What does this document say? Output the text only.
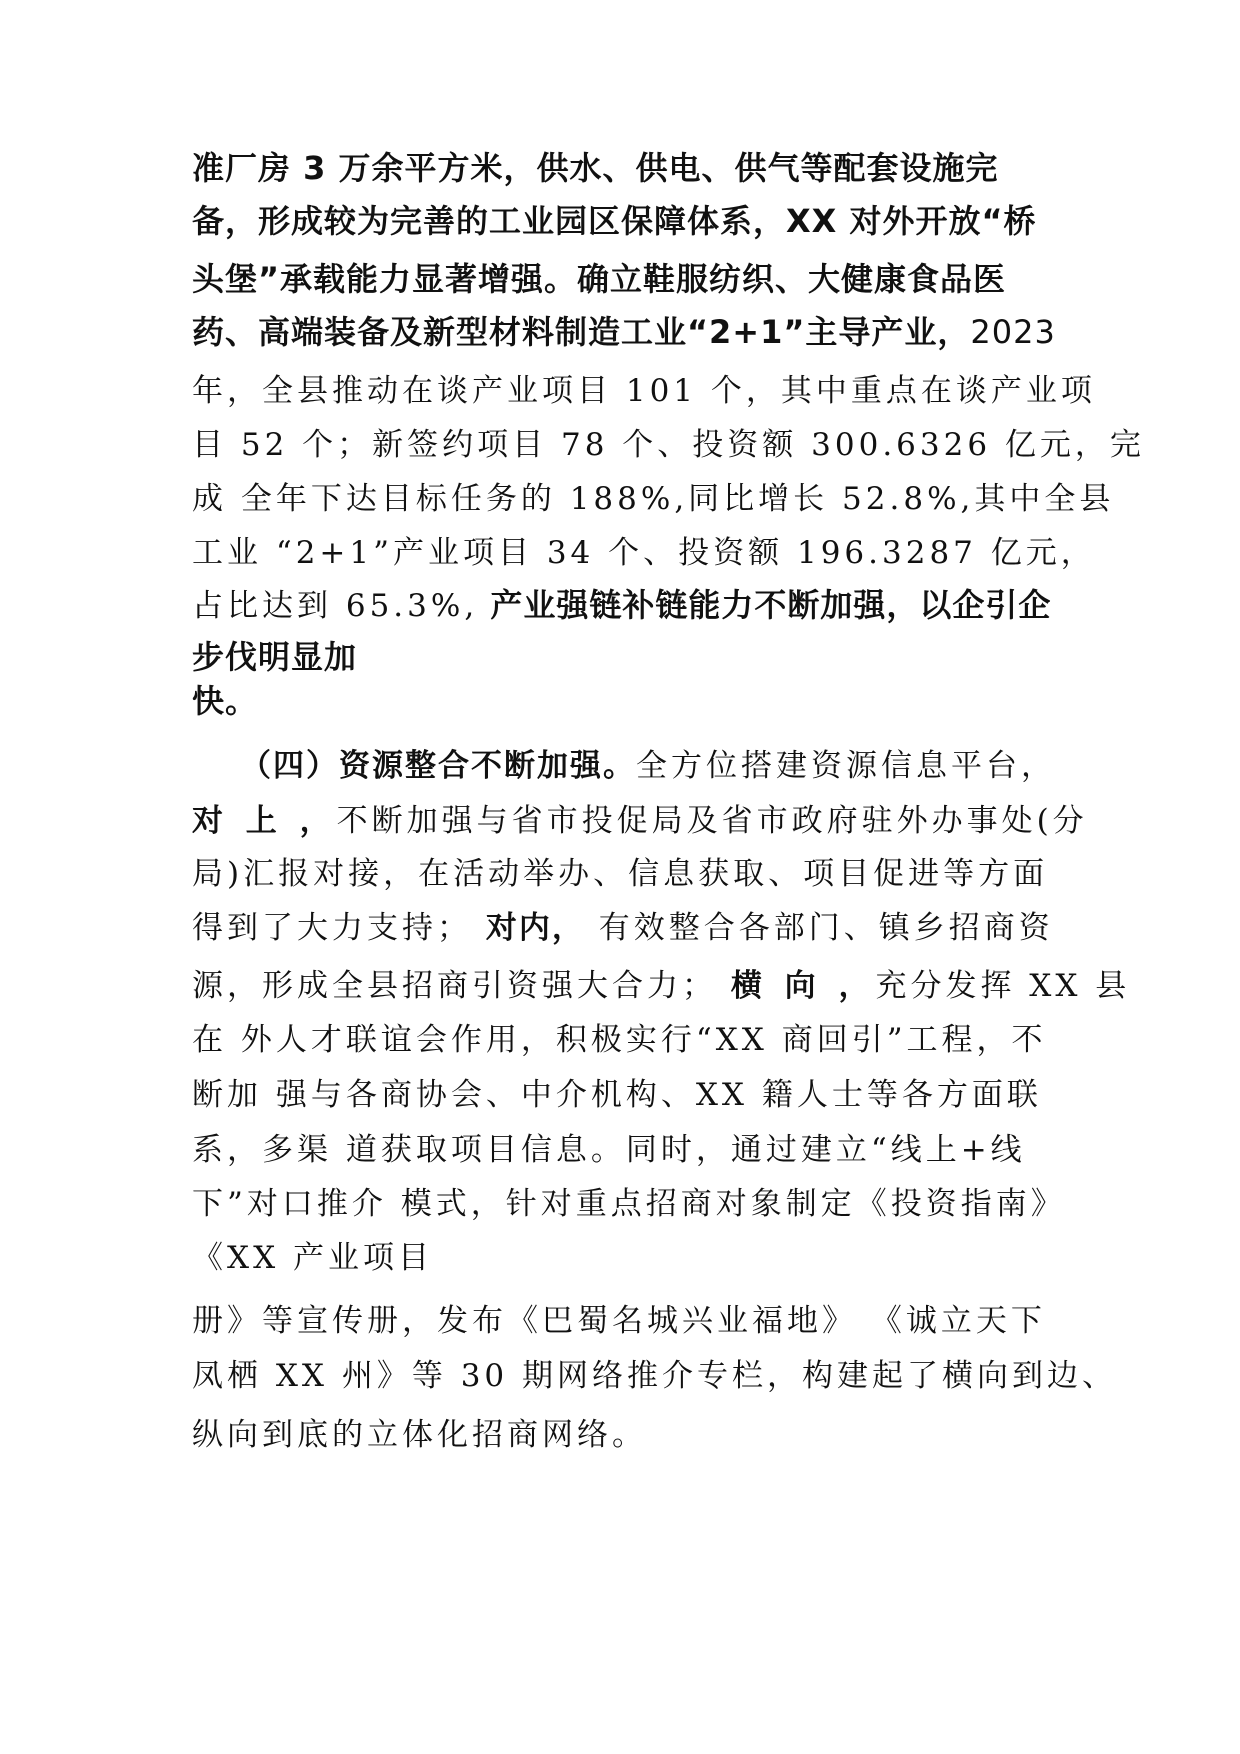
准厂房 3 万余平方米，供水、供电、供气等配套设施完
备，形成较为完善的工业园区保障体系，XX 对外开放“桥
头堡”承载能力显著增强。确立鞋服纺织、大健康食品医
药、高端装备及新型材料制造工业“2+1”主导产业，2023
年，全县推动在谈产业项目 101 个，其中重点在谈产业项
目 52 个；新签约项目 78 个、投资额 300.6326 亿元，完
成 全年下达目标任务的 188%,同比增长 52.8%,其中全县
工业 “2+1”产业项目 34 个、投资额 196.3287 亿元，
占比达到 65.3%, 产业强链补链能力不断加强，以企引企
步伐明显加
快。
（四）资源整合不断加强。全方位搭建资源信息平台，
对 上 ，不断加强与省市投促局及省市政府驻外办事处(分
局)汇报对接，在活动举办、信息获取、项目促进等方面
得到了大力支持； 对内， 有效整合各部门、镇乡招商资
源，形成全县招商引资强大合力； 横 向 ，充分发挥 XX 县
在 外人才联谊会作用，积极实行“XX 商回引”工程，不
断加 强与各商协会、中介机构、XX 籍人士等各方面联
系，多渠 道获取项目信息。同时，通过建立“线上+线
下”对口推介 模式，针对重点招商对象制定《投资指南》
《XX 产业项目
册》等宣传册，发布《巴蜀名城兴业福地》 《诚立天下
凤栖 XX 州》等 30 期网络推介专栏，构建起了横向到边、
纵向到底的立体化招商网络。
